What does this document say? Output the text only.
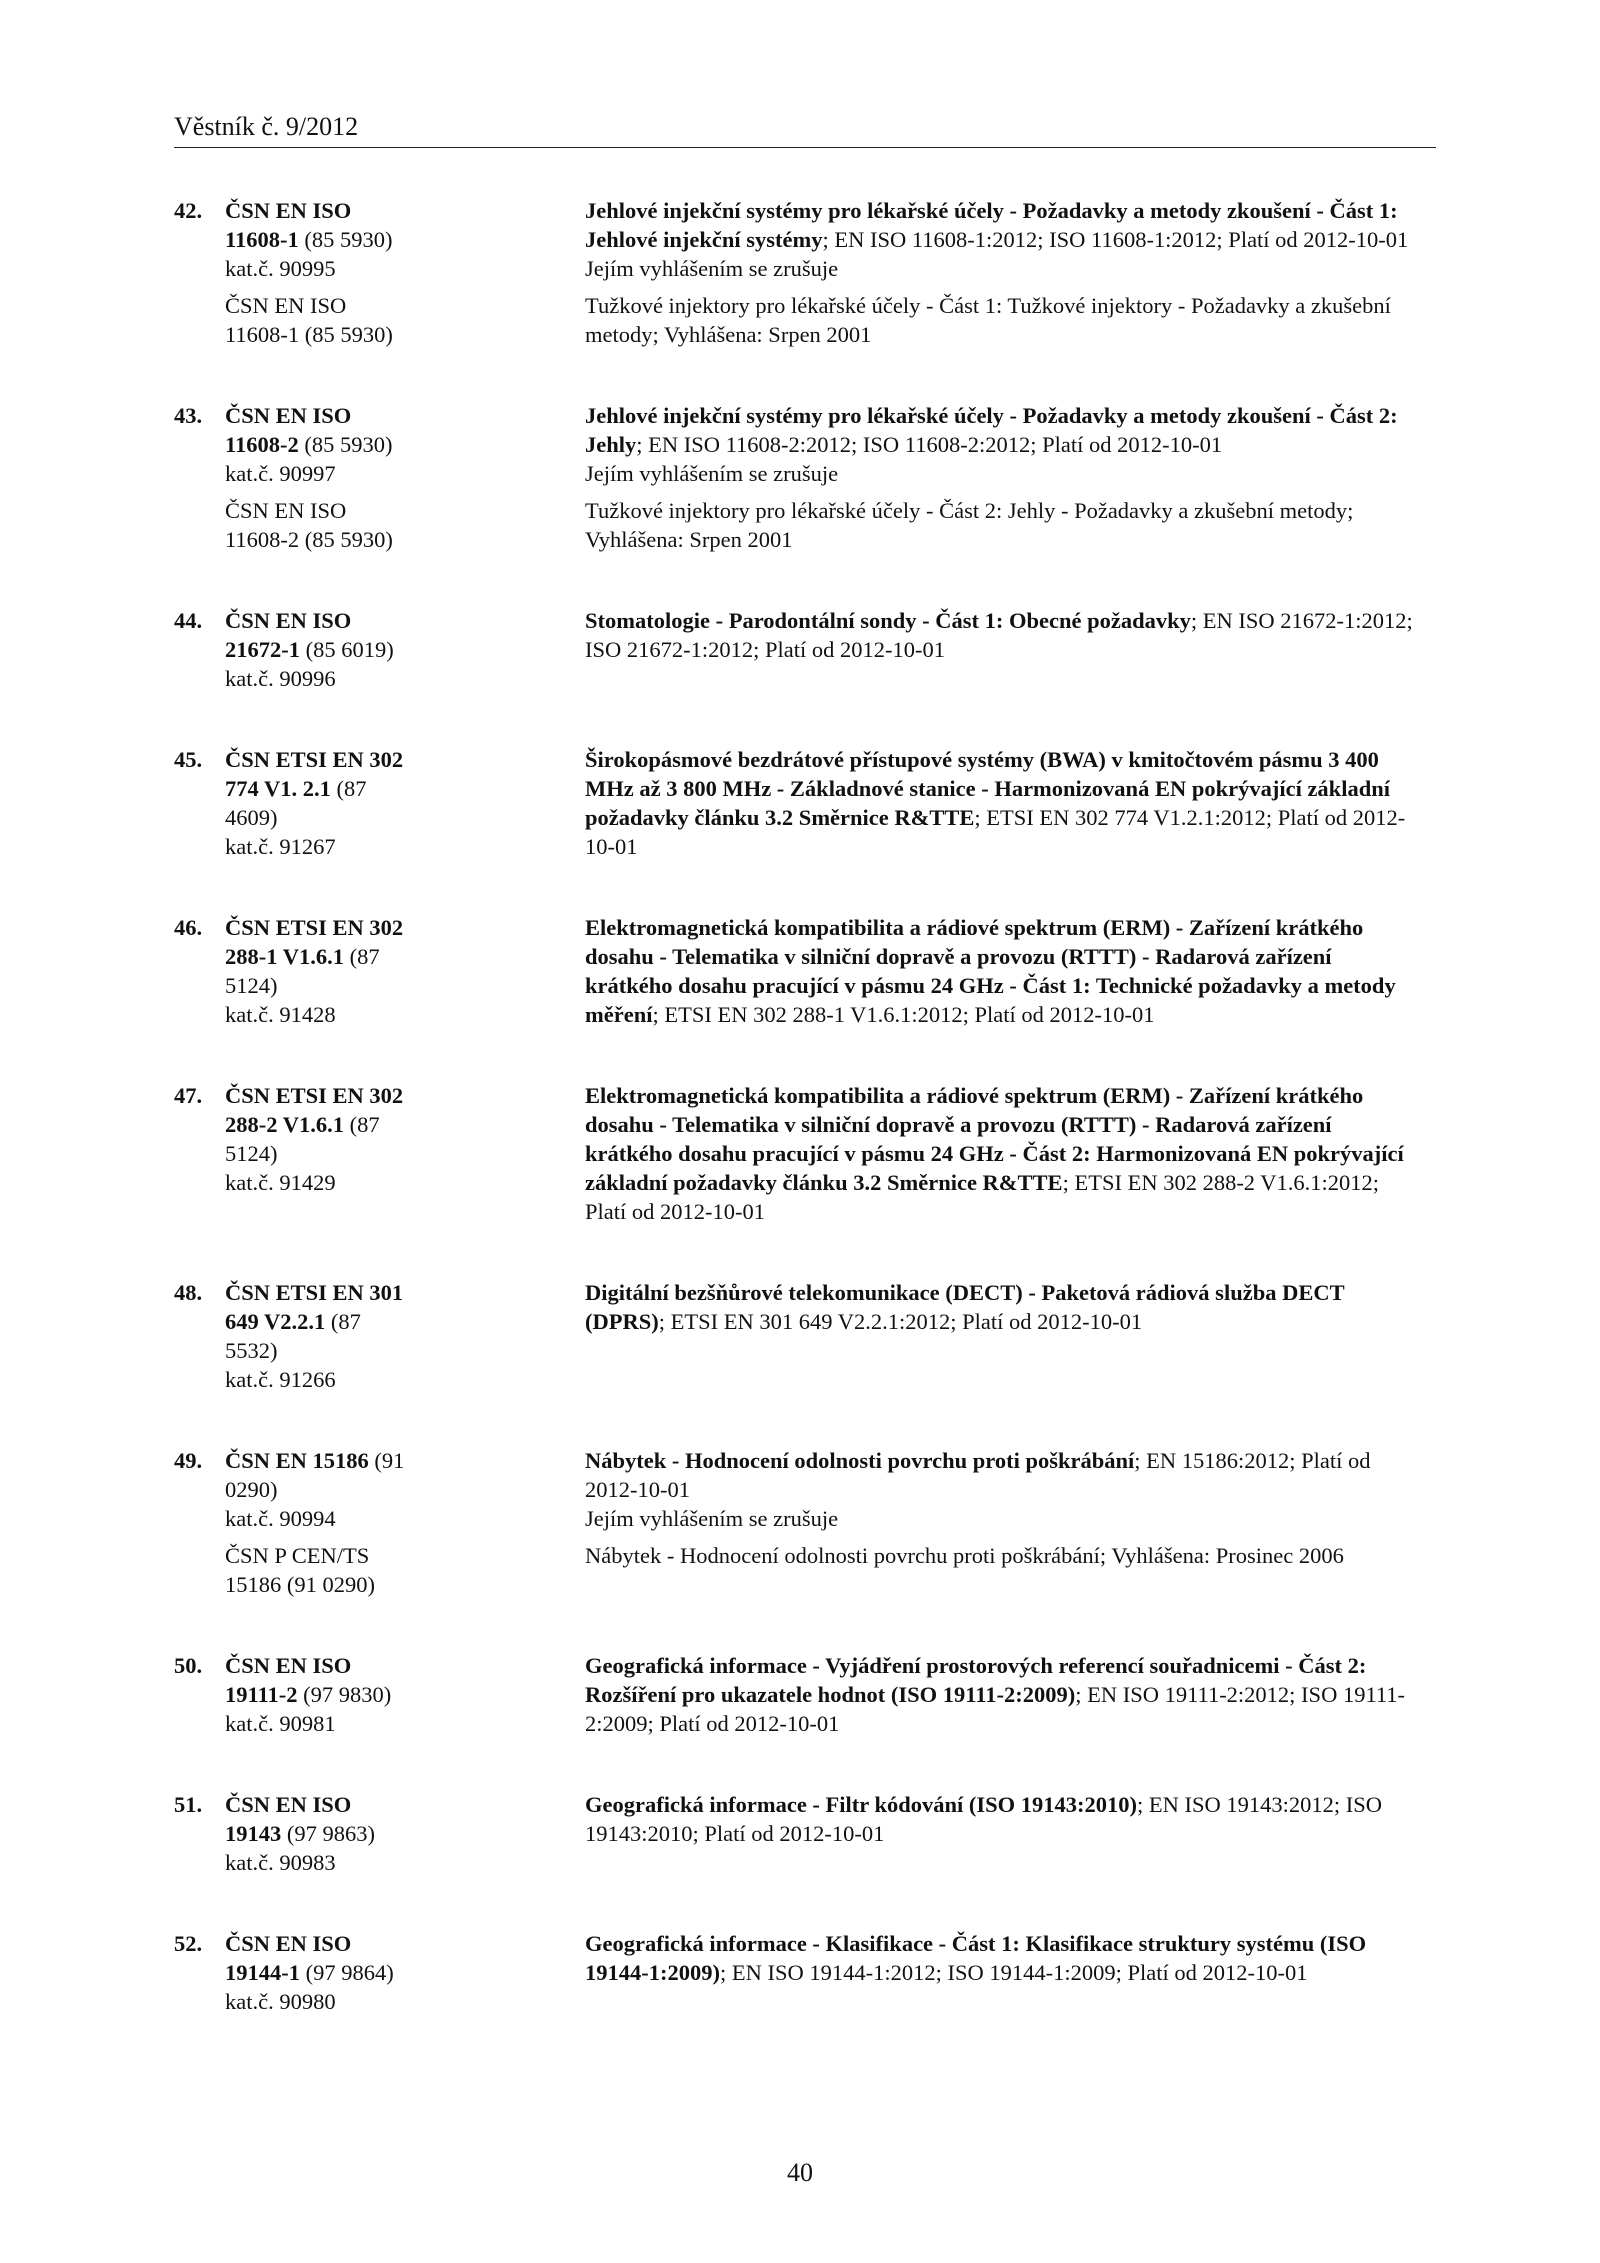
Věstník č. 9/2012
42. ČSN EN ISO 11608-1 (85 5930)
kat.č. 90995
Jehlové injekční systémy pro lékařské účely - Požadavky a metody zkoušení - Část 1: Jehlové injekční systémy; EN ISO 11608-1:2012; ISO 11608-1:2012; Platí od 2012-10-01
Jejím vyhlášením se zrušuje
ČSN EN ISO 11608-1 (85 5930)
Tužkové injektory pro lékařské účely - Část 1: Tužkové injektory - Požadavky a zkušební metody; Vyhlášena: Srpen 2001
43. ČSN EN ISO 11608-2 (85 5930)
kat.č. 90997
Jehlové injekční systémy pro lékařské účely - Požadavky a metody zkoušení - Část 2: Jehly; EN ISO 11608-2:2012; ISO 11608-2:2012; Platí od 2012-10-01
Jejím vyhlášením se zrušuje
ČSN EN ISO 11608-2 (85 5930)
Tužkové injektory pro lékařské účely - Část 2: Jehly - Požadavky a zkušební metody; Vyhlášena: Srpen 2001
44. ČSN EN ISO 21672-1 (85 6019)
kat.č. 90996
Stomatologie - Parodontální sondy - Část 1: Obecné požadavky; EN ISO 21672-1:2012; ISO 21672-1:2012; Platí od 2012-10-01
45. ČSN ETSI EN 302 774 V1. 2.1 (87 4609)
kat.č. 91267
Širokopásmové bezdrátové přístupové systémy (BWA) v kmitočtovém pásmu 3 400 MHz až 3 800 MHz - Základnové stanice - Harmonizovaná EN pokrývající základní požadavky článku 3.2 Směrnice R&TTE; ETSI EN 302 774 V1.2.1:2012; Platí od 2012-10-01
46. ČSN ETSI EN 302 288-1 V1.6.1 (87 5124)
kat.č. 91428
Elektromagnetická kompatibilita a rádiové spektrum (ERM) - Zařízení krátkého dosahu - Telematika v silniční dopravě a provozu (RTTT) - Radarová zařízení krátkého dosahu pracující v pásmu 24 GHz - Část 1: Technické požadavky a metody měření; ETSI EN 302 288-1 V1.6.1:2012; Platí od 2012-10-01
47. ČSN ETSI EN 302 288-2 V1.6.1 (87 5124)
kat.č. 91429
Elektromagnetická kompatibilita a rádiové spektrum (ERM) - Zařízení krátkého dosahu - Telematika v silniční dopravě a provozu (RTTT) - Radarová zařízení krátkého dosahu pracující v pásmu 24 GHz - Část 2: Harmonizovaná EN pokrývající základní požadavky článku 3.2 Směrnice R&TTE; ETSI EN 302 288-2 V1.6.1:2012; Platí od 2012-10-01
48. ČSN ETSI EN 301 649 V2.2.1 (87 5532)
kat.č. 91266
Digitální bezšňůrové telekomunikace (DECT) - Paketová rádiová služba DECT (DPRS); ETSI EN 301 649 V2.2.1:2012; Platí od 2012-10-01
49. ČSN EN 15186 (91 0290)
kat.č. 90994
Nábytek - Hodnocení odolnosti povrchu proti poškrábání; EN 15186:2012; Platí od 2012-10-01
Jejím vyhlášením se zrušuje
ČSN P CEN/TS 15186 (91 0290)
Nábytek - Hodnocení odolnosti povrchu proti poškrábání; Vyhlášena: Prosinec 2006
50. ČSN EN ISO 19111-2 (97 9830)
kat.č. 90981
Geografická informace - Vyjádření prostorových referencí souřadnicemi - Část 2: Rozšíření pro ukazatele hodnot (ISO 19111-2:2009); EN ISO 19111-2:2012; ISO 19111-2:2009; Platí od 2012-10-01
51. ČSN EN ISO 19143 (97 9863)
kat.č. 90983
Geografická informace - Filtr kódování (ISO 19143:2010); EN ISO 19143:2012; ISO 19143:2010; Platí od 2012-10-01
52. ČSN EN ISO 19144-1 (97 9864)
kat.č. 90980
Geografická informace - Klasifikace - Část 1: Klasifikace struktury systému (ISO 19144-1:2009); EN ISO 19144-1:2012; ISO 19144-1:2009; Platí od 2012-10-01
40
